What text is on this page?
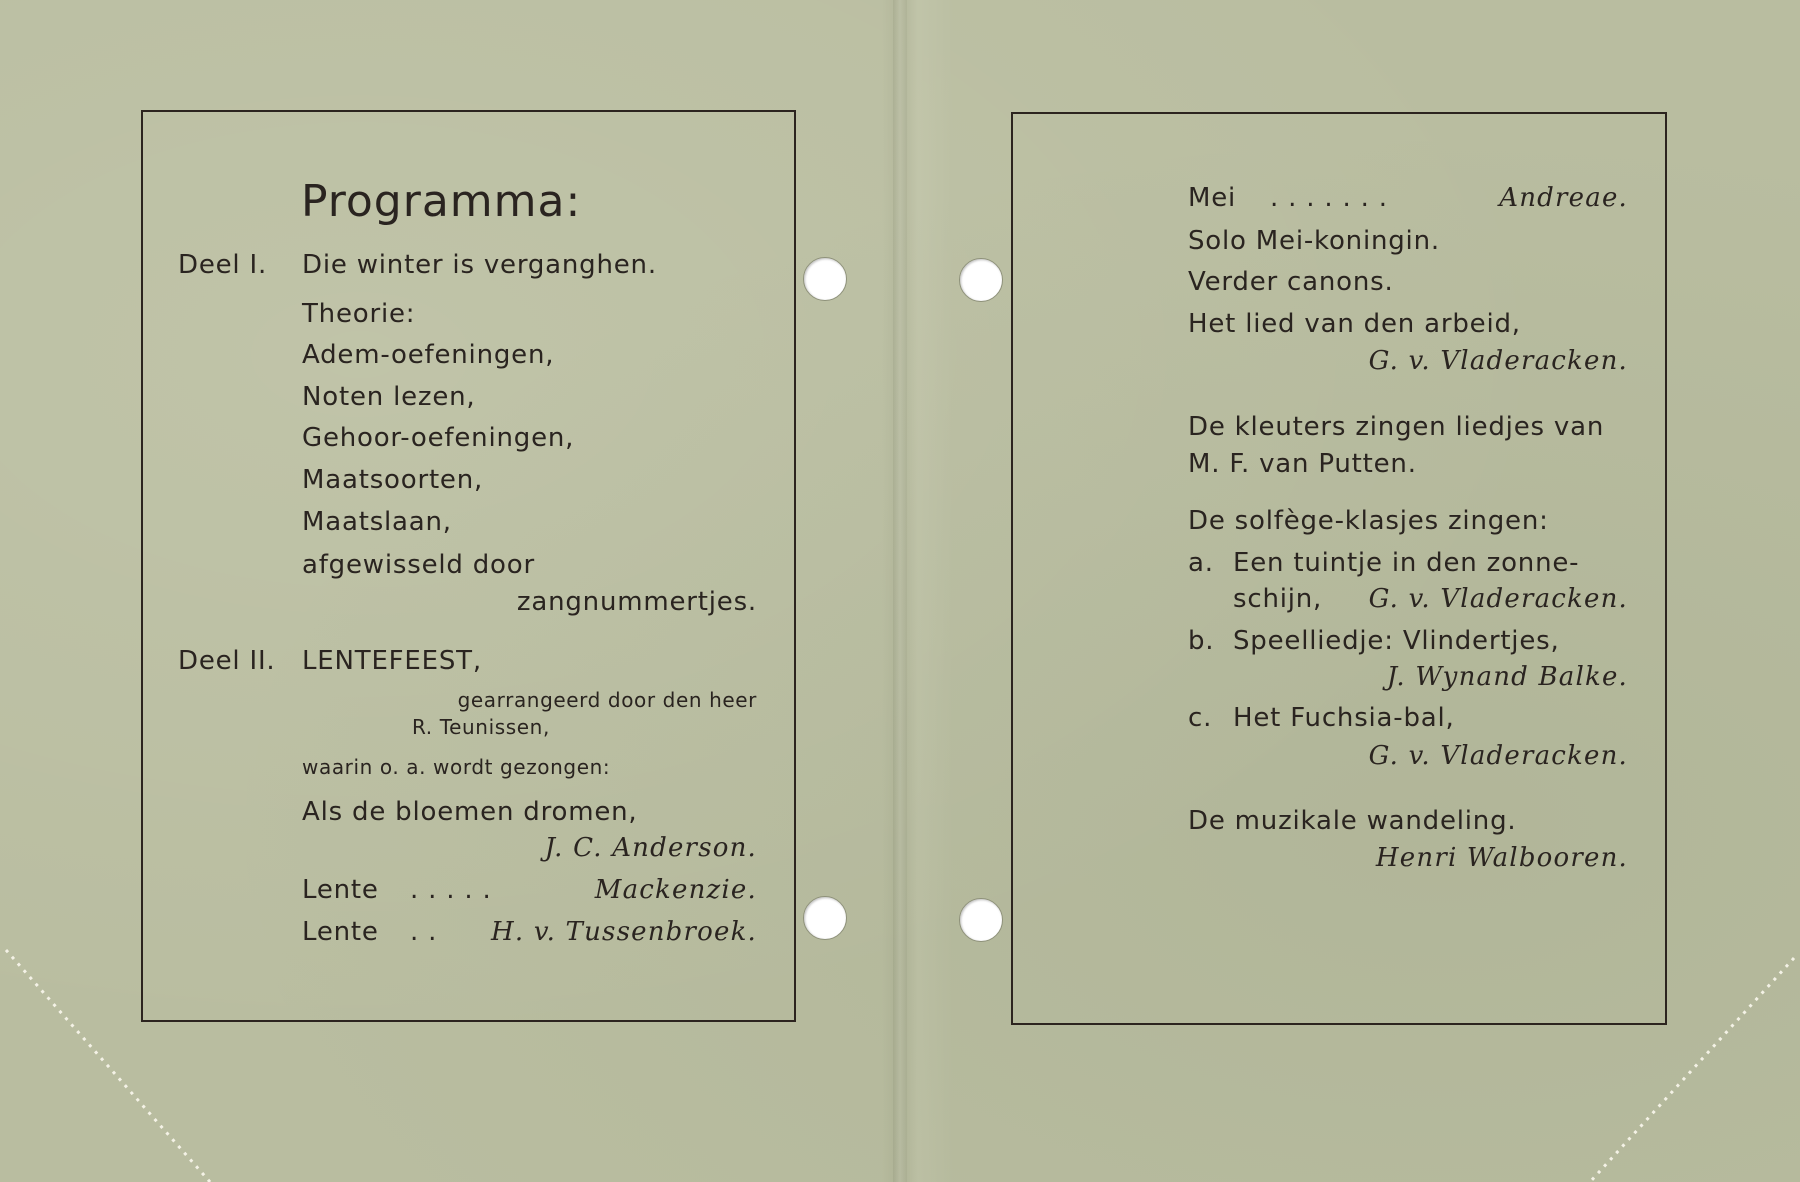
Programma:
Deel I. Die winter is verganghen.
Theorie:
Adem-oefeningen,
Noten lezen,
Gehoor-oefeningen,
Maatsoorten,
Maatslaan,
afgewisseld door
zangnummertjes.
Deel II. LENTEFEEST,
gearrangeerd door den heer
R. Teunissen,
waarin o. a. wordt gezongen:
Als de bloemen dromen,
J. C. Anderson.
Lente . . . . .	Mackenzie.
Lente . . H. v. Tussenbroek.
Mei . . . . . . .	Andreae.
Solo Mei-koningin.
Verder canons.
Het lied van den arbeid,
G. v. Vladeracken.
De kleuters zingen liedjes van
M. F. van Putten.
De solfège-klasjes zingen:
a. Een tuintje in den zonne-
schijn, G. v. Vladeracken.
b. Speelliedje: Vlindertjes,
J. Wynand Balke.
c. Het Fuchsia-bal,
G. v. Vladeracken.
De muzikale wandeling.
Henri Walbooren.
